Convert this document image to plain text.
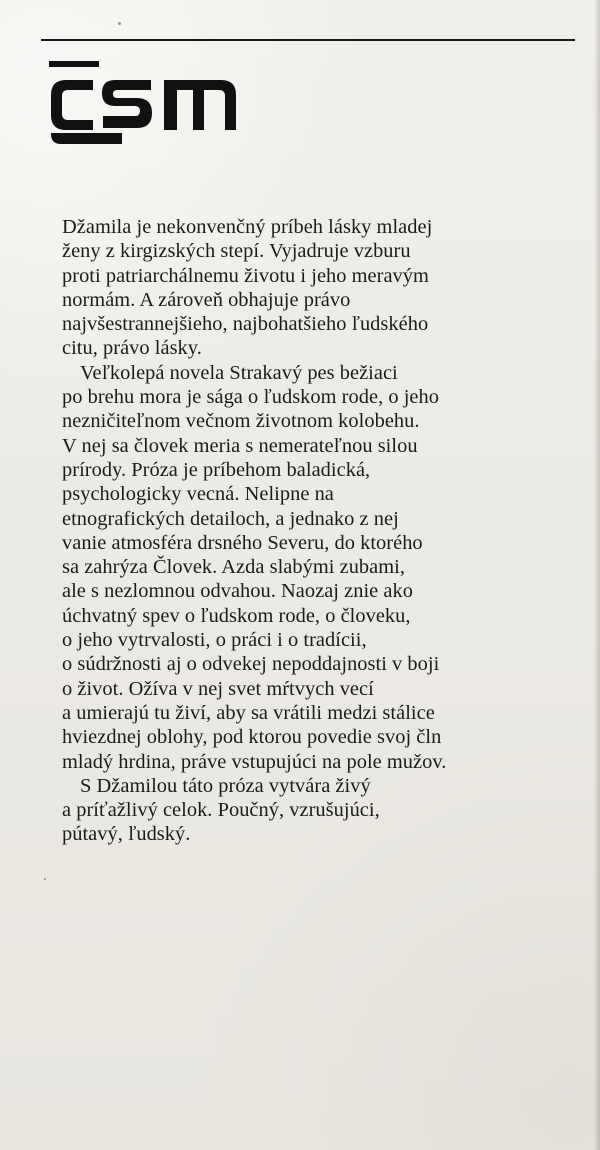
Džamila je nekonvenčný príbeh lásky mladej
ženy z kirgizských stepí. Vyjadruje vzburu
proti patriarchálnemu životu i jeho meravým
normám. A zároveň obhajuje právo
najvšestrannejšieho, najbohatšieho ľudského
citu, právo lásky.
Veľkolepá novela Strakavý pes bežiaci
po brehu mora je sága o ľudskom rode, o jeho
nezničiteľnom večnom životnom kolobehu.
V nej sa človek meria s nemerateľnou silou
prírody. Próza je príbehom baladická,
psychologicky vecná. Nelipne na
etnografických detailoch, a jednako z nej
vanie atmosféra drsného Severu, do ktorého
sa zahrýza Človek. Azda slabými zubami,
ale s nezlomnou odvahou. Naozaj znie ako
úchvatný spev o ľudskom rode, o človeku,
o jeho vytrvalosti, o práci i o tradícii,
o súdržnosti aj o odvekej nepoddajnosti v boji
o život. Ožíva v nej svet mŕtvych vecí
a umierajú tu živí, aby sa vrátili medzi stálice
hviezdnej oblohy, pod ktorou povedie svoj čln
mladý hrdina, práve vstupujúci na pole mužov.
S Džamilou táto próza vytvára živý
a príťažlivý celok. Poučný, vzrušujúci,
pútavý, ľudský.
